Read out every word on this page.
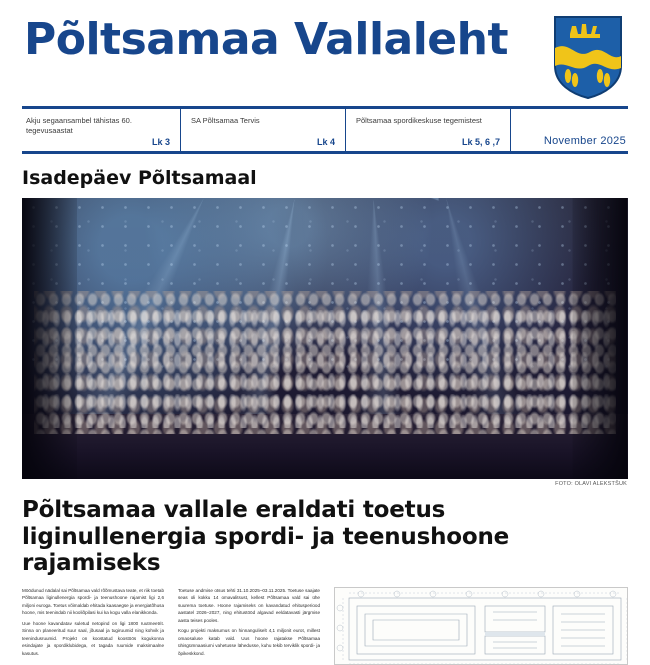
Põltsamaa Vallaleht
Akju segaansambel tähistas 60. tegevusaastat
Lk 3
SA Põltsamaa Tervis
Lk 4
Põltsamaa spordikeskuse tegemistest
Lk 5, 6 ,7	November 2025
Isadepäev Põltsamaal
FOTO: OLAVI ALEKSTŠUK
Põltsamaa vallale eraldati toetus liginullenergia spordi- ja teenushoone rajamiseks

Möödunud nädalal sai Põltsamaa vald rõõmustava teate, et riik toetab Põltsamaa liginullenergia spordi- ja teenushoone rajamist ligi 2,6 miljoni euroga. Toetus võimaldab ehitada kaasaegse ja energiatõhusa hoone, mis teenindab nii kooliõpilasi kui ka kogu valla elanikkonda.

Uue hoone kavandatav suletud netopind on ligi 1800 ruutmeetrit. Sinna on planeeritud suur saal, jõusaal ja tugiruumid ning kohvik ja teenindusruumid. Projekt on koostatud koostöös kogukonna esindajate ja spordiklubidega, et tagada ruumide maksimaalne kasutus.

Toetuse andmise otsus tehti 31.10.2025–03.11.2025. Toetuse saajate seas oli kokku 14 omavalitsust, kellest Põltsamaa vald sai ühe suurema toetuse. Hoone rajamiseks on kavandatud ehitusperiood aastatel 2026–2027, ning ehitustööd algavad eeldatavasti järgmise aasta teises pooles.

Kogu projekti maksumus on hinnanguliselt 4,1 miljonit eurot, millest omaosaluse katab vald. Uus hoone rajatakse Põltsamaa ühisgümnaasiumi vahetusse lähedusse, kuhu tekib terviklik spordi- ja õpikeskkond.
